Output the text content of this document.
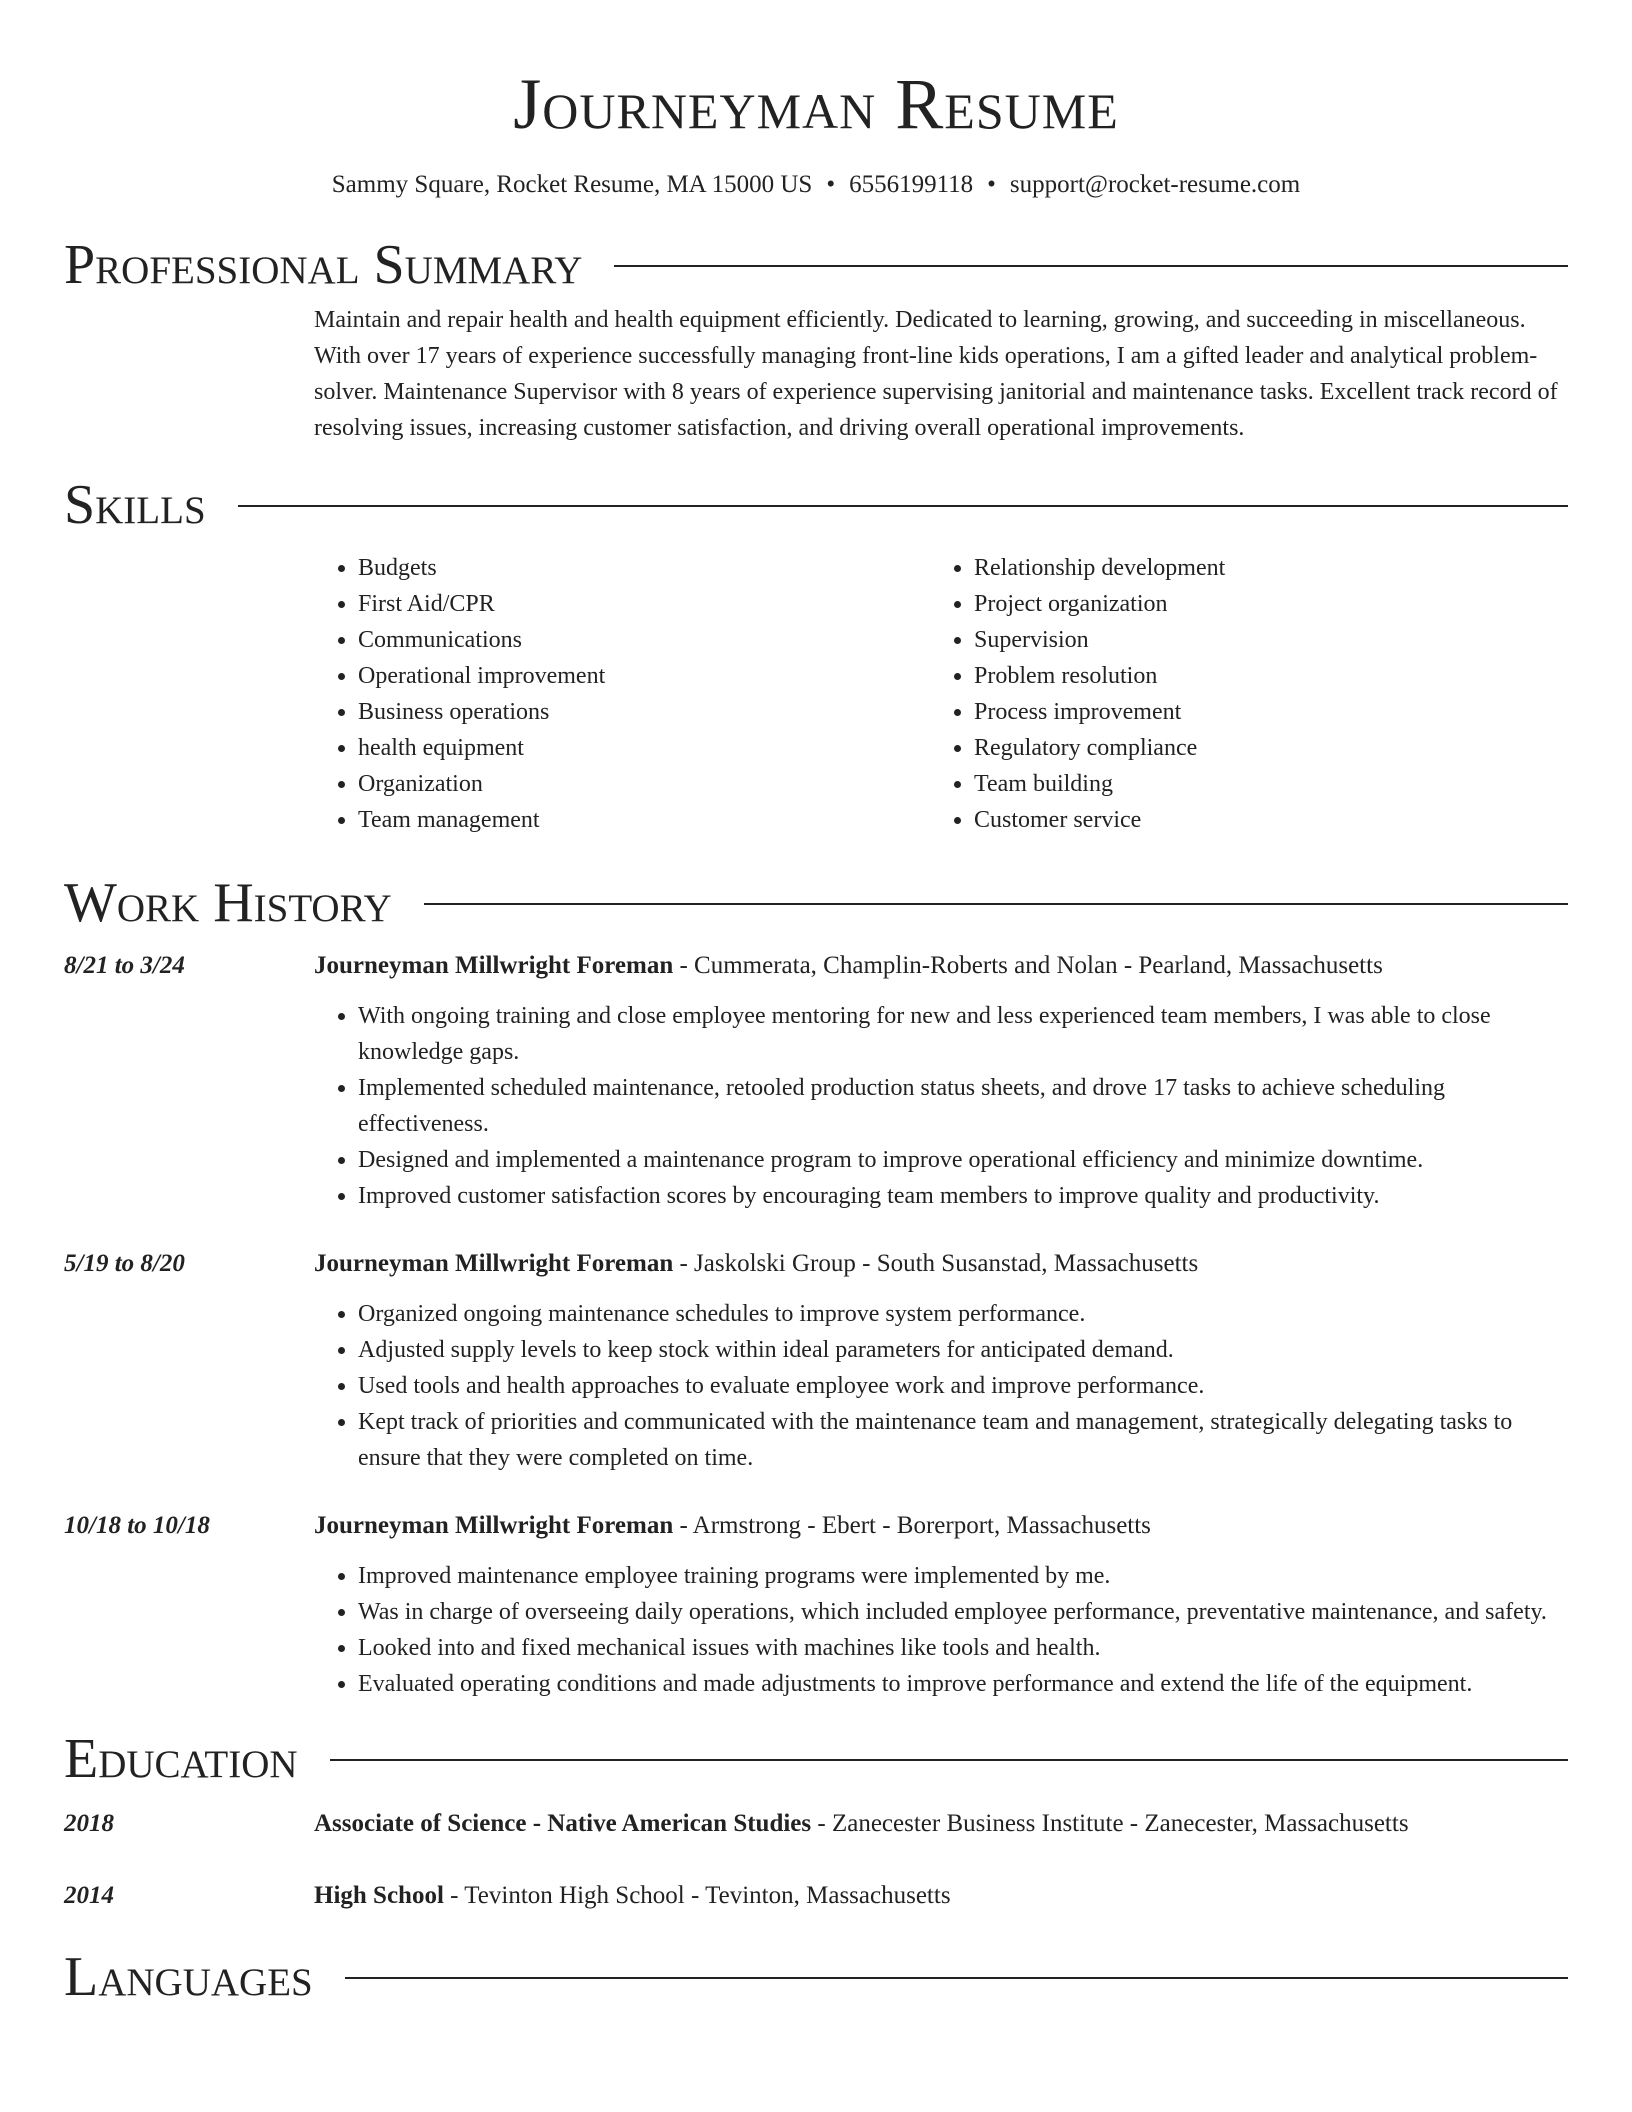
Journeyman Resume
Sammy Square, Rocket Resume, MA 15000 US • 6556199118 • support@rocket-resume.com
Professional Summary

Maintain and repair health and health equipment efficiently. Dedicated to learning, growing, and succeeding in miscellaneous. With over 17 years of experience successfully managing front-line kids operations, I am a gifted leader and analytical problem-solver. Maintenance Supervisor with 8 years of experience supervising janitorial and maintenance tasks. Excellent track record of resolving issues, increasing customer satisfaction, and driving overall operational improvements.

Skills
• Budgets
• First Aid/CPR
• Communications
• Operational improvement
• Business operations
• health equipment
• Organization
• Team management
• Relationship development
• Project organization
• Supervision
• Problem resolution
• Process improvement
• Regulatory compliance
• Team building
• Customer service
Work History
8/21 to 3/24	Journeyman Millwright Foreman - Cummerata, Champlin-Roberts and Nolan - Pearland, Massachusetts
• With ongoing training and close employee mentoring for new and less experienced team members, I was able to close knowledge gaps.
• Implemented scheduled maintenance, retooled production status sheets, and drove 17 tasks to achieve scheduling effectiveness.
• Designed and implemented a maintenance program to improve operational efficiency and minimize downtime.
• Improved customer satisfaction scores by encouraging team members to improve quality and productivity.
5/19 to 8/20	Journeyman Millwright Foreman - Jaskolski Group - South Susanstad, Massachusetts
• Organized ongoing maintenance schedules to improve system performance.
• Adjusted supply levels to keep stock within ideal parameters for anticipated demand.
• Used tools and health approaches to evaluate employee work and improve performance.
• Kept track of priorities and communicated with the maintenance team and management, strategically delegating tasks to ensure that they were completed on time.
10/18 to 10/18	Journeyman Millwright Foreman - Armstrong - Ebert - Borerport, Massachusetts
• Improved maintenance employee training programs were implemented by me.
• Was in charge of overseeing daily operations, which included employee performance, preventative maintenance, and safety.
• Looked into and fixed mechanical issues with machines like tools and health.
• Evaluated operating conditions and made adjustments to improve performance and extend the life of the equipment.
Education
2018	Associate of Science - Native American Studies - Zanecester Business Institute - Zanecester, Massachusetts
2014	High School - Tevinton High School - Tevinton, Massachusetts
Languages
